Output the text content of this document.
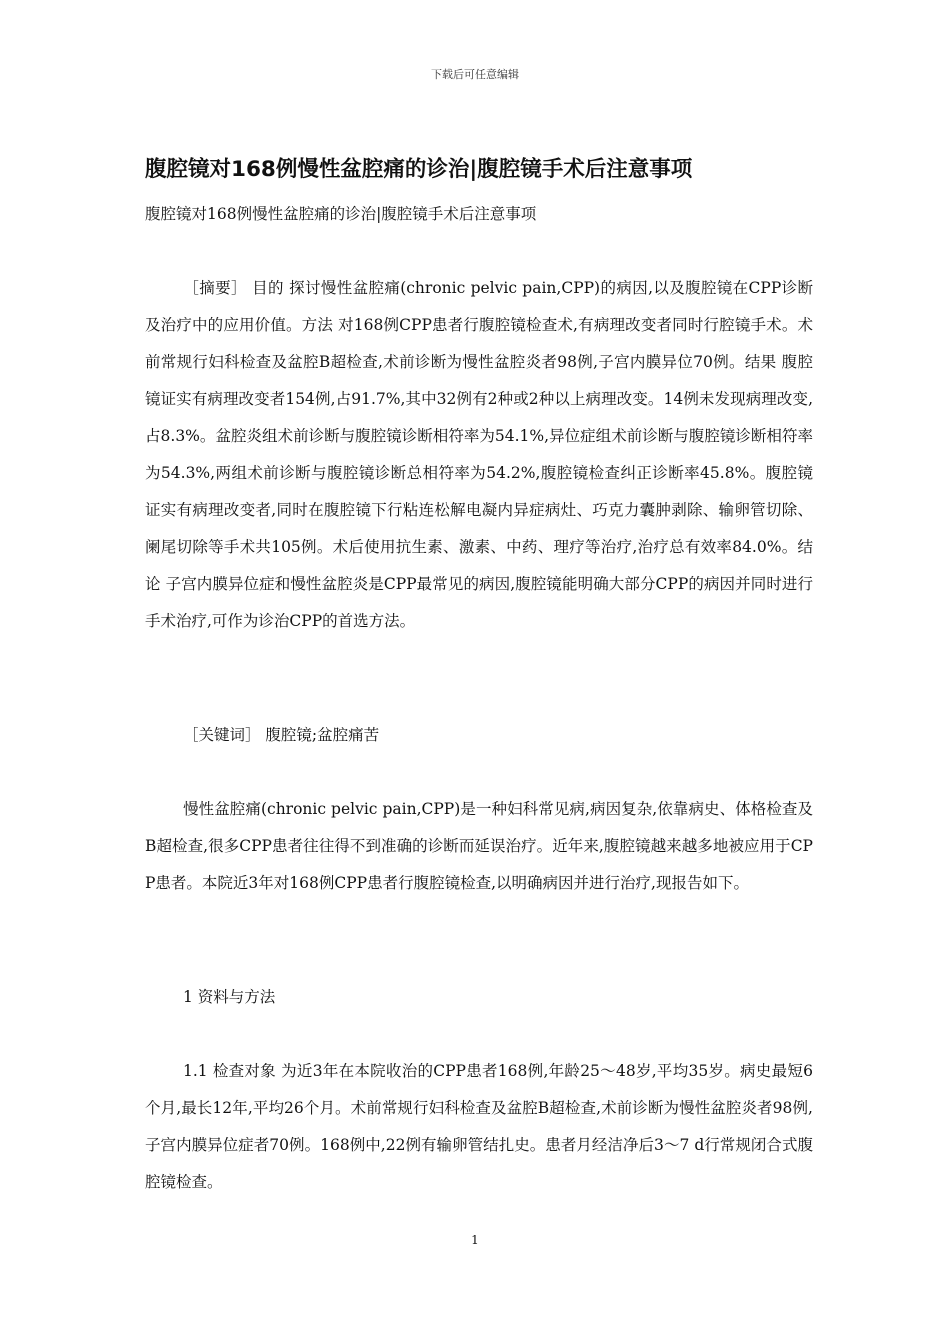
下载后可任意编辑
腹腔镜对168例慢性盆腔痛的诊治|腹腔镜手术后注意事项
腹腔镜对168例慢性盆腔痛的诊治|腹腔镜手术后注意事项
［摘要］ 目的 探讨慢性盆腔痛(chronic pelvic pain,CPP)的病因,以及腹腔镜在CPP诊断及治疗中的应用价值。方法 对168例CPP患者行腹腔镜检查术,有病理改变者同时行腔镜手术。术前常规行妇科检查及盆腔B超检查,术前诊断为慢性盆腔炎者98例,子宫内膜异位70例。结果 腹腔镜证实有病理改变者154例,占91.7%,其中32例有2种或2种以上病理改变。14例未发现病理改变,占8.3%。盆腔炎组术前诊断与腹腔镜诊断相符率为54.1%,异位症组术前诊断与腹腔镜诊断相符率为54.3%,两组术前诊断与腹腔镜诊断总相符率为54.2%,腹腔镜检查纠正诊断率45.8%。腹腔镜证实有病理改变者,同时在腹腔镜下行粘连松解电凝内异症病灶、巧克力囊肿剥除、输卵管切除、阑尾切除等手术共105例。术后使用抗生素、激素、中药、理疗等治疗,治疗总有效率84.0%。结论 子宫内膜异位症和慢性盆腔炎是CPP最常见的病因,腹腔镜能明确大部分CPP的病因并同时进行手术治疗,可作为诊治CPP的首选方法。
［关键词］ 腹腔镜;盆腔痛苦
慢性盆腔痛(chronic pelvic pain,CPP)是一种妇科常见病,病因复杂,依靠病史、体格检查及B超检查,很多CPP患者往往得不到准确的诊断而延误治疗。近年来,腹腔镜越来越多地被应用于CPP患者。本院近3年对168例CPP患者行腹腔镜检查,以明确病因并进行治疗,现报告如下。
1 资料与方法
1.1 检查对象 为近3年在本院收治的CPP患者168例,年龄25～48岁,平均35岁。病史最短6个月,最长12年,平均26个月。术前常规行妇科检查及盆腔B超检查,术前诊断为慢性盆腔炎者98例,子宫内膜异位症者70例。168例中,22例有输卵管结扎史。患者月经洁净后3～7 d行常规闭合式腹腔镜检查。
1
